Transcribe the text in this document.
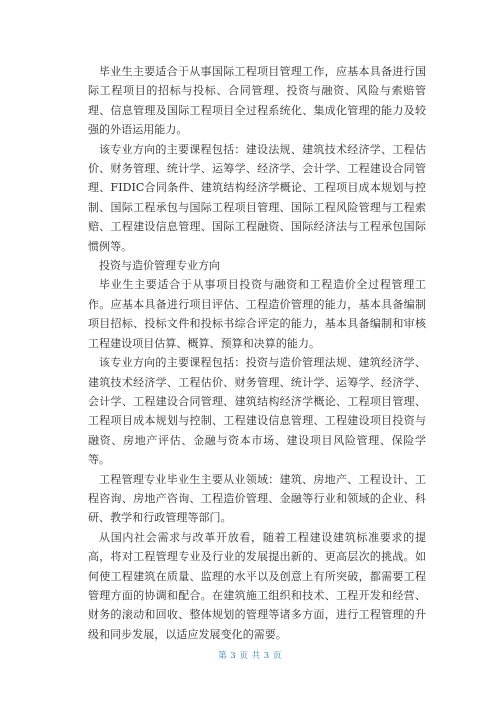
毕业生主要适合于从事国际工程项目管理工作，应基本具备进行国际工程项目的招标与投标、合同管理、投资与融资、风险与索赔管理、信息管理及国际工程项目全过程系统化、集成化管理的能力及较强的外语运用能力。

该专业方向的主要课程包括：建设法规、建筑技术经济学、工程估价、财务管理、统计学、运筹学、经济学、会计学、工程建设合同管理、FIDIC合同条件、建筑结构经济学概论、工程项目成本规划与控制、国际工程承包与国际工程项目管理、国际工程风险管理与工程索赔、工程建设信息管理、国际工程融资、国际经济法与工程承包国际惯例等。

投资与造价管理专业方向

毕业生主要适合于从事项目投资与融资和工程造价全过程管理工作。应基本具备进行项目评估、工程造价管理的能力，基本具备编制项目招标、投标文件和投标书综合评定的能力，基本具备编制和审核工程建设项目估算、概算、预算和决算的能力。

该专业方向的主要课程包括：投资与造价管理法规、建筑经济学、建筑技术经济学、工程估价、财务管理、统计学、运筹学、经济学、会计学、工程建设合同管理、建筑结构经济学概论、工程项目管理、工程项目成本规划与控制、工程建设信息管理、工程建设项目投资与融资、房地产评估、金融与资本市场、建设项目风险管理、保险学等。

工程管理专业毕业生主要从业领域：建筑、房地产、工程设计、工程咨询、房地产咨询、工程造价管理、金融等行业和领域的企业、科研、教学和行政管理等部门。

从国内社会需求与改革开放看，随着工程建设建筑标准要求的提高，将对工程管理专业及行业的发展提出新的、更高层次的挑战。如何使工程建筑在质量、监理的水平以及创意上有所突破，都需要工程管理方面的协调和配合。在建筑施工组织和技术、工程开发和经营、财务的滚动和回收、整体规划的管理等诸多方面，进行工程管理的升级和同步发展，以适应发展变化的需要。

第 3 页 共 3 页
